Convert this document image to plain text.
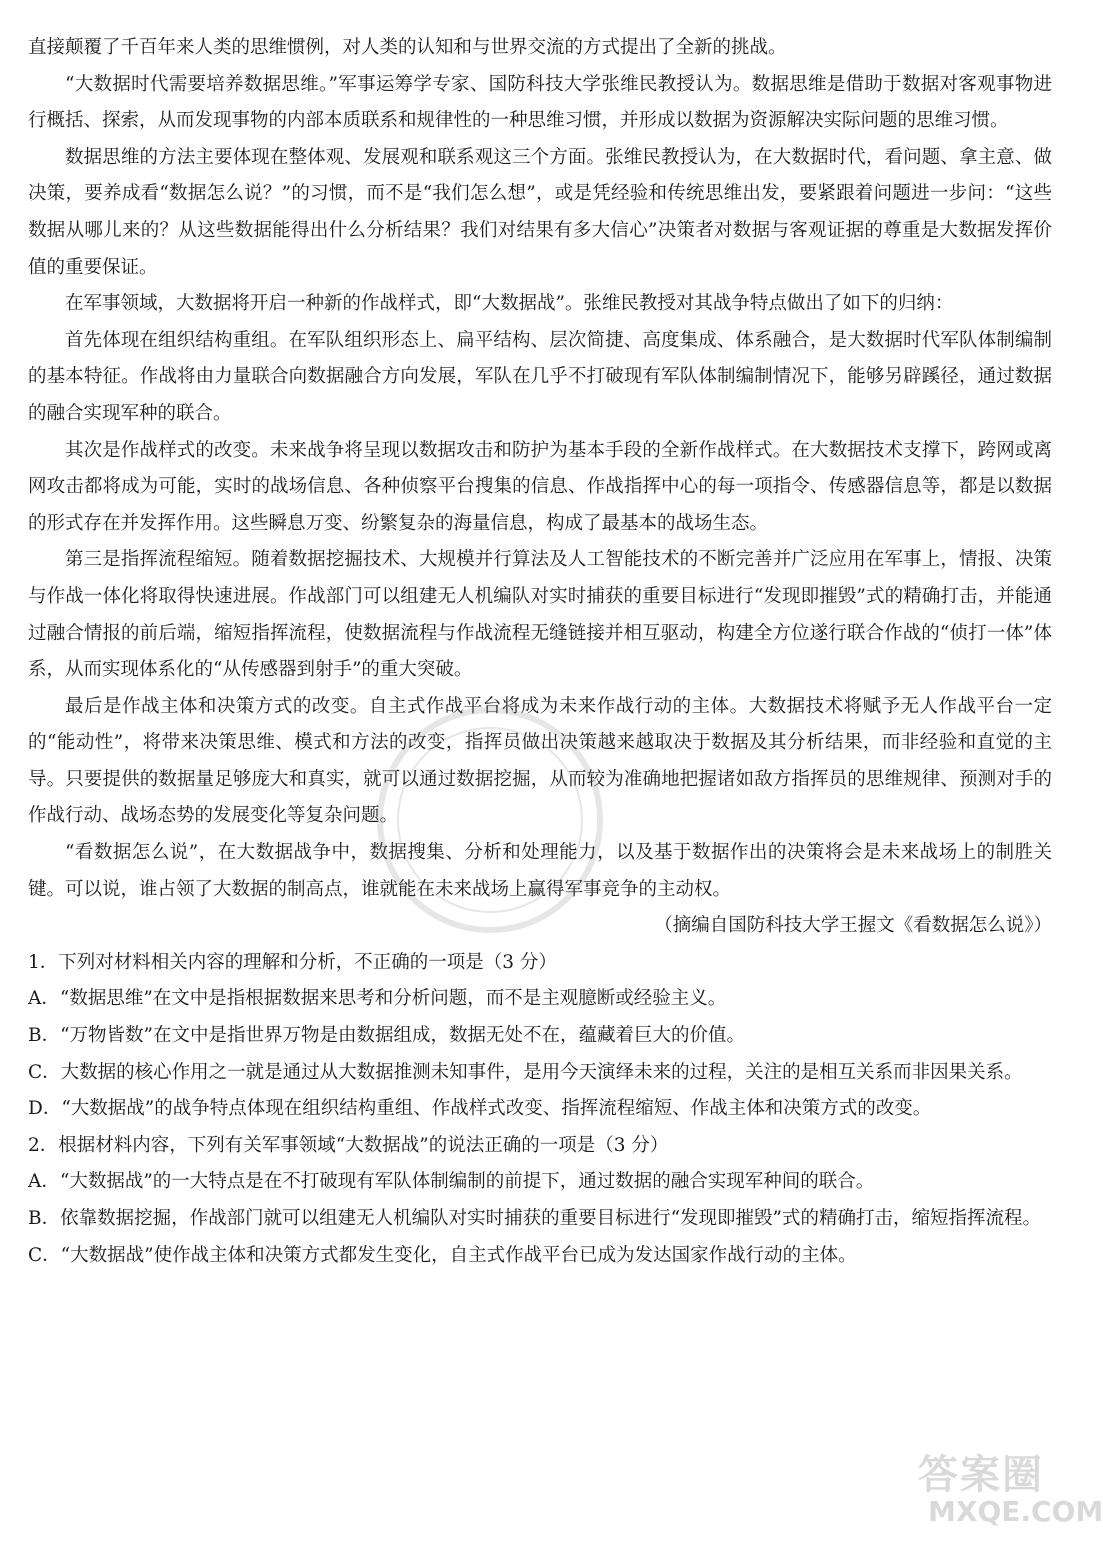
直接颠覆了千百年来人类的思维惯例，对人类的认知和与世界交流的方式提出了全新的挑战。

“大数据时代需要培养数据思维。”军事运筹学专家、国防科技大学张维民教授认为。数据思维是借助于数据对客观事物进行概括、探索，从而发现事物的内部本质联系和规律性的一种思维习惯，并形成以数据为资源解决实际问题的思维习惯。

数据思维的方法主要体现在整体观、发展观和联系观这三个方面。张维民教授认为，在大数据时代，看问题、拿主意、做决策，要养成看“数据怎么说？”的习惯，而不是“我们怎么想”，或是凭经验和传统思维出发，要紧跟着问题进一步问：“这些数据从哪儿来的？从这些数据能得出什么分析结果？我们对结果有多大信心”决策者对数据与客观证据的尊重是大数据发挥价值的重要保证。

在军事领域，大数据将开启一种新的作战样式，即“大数据战”。张维民教授对其战争特点做出了如下的归纳：

首先体现在组织结构重组。在军队组织形态上、扁平结构、层次简捷、高度集成、体系融合，是大数据时代军队体制编制的基本特征。作战将由力量联合向数据融合方向发展，军队在几乎不打破现有军队体制编制情况下，能够另辟蹊径，通过数据的融合实现军种的联合。

其次是作战样式的改变。未来战争将呈现以数据攻击和防护为基本手段的全新作战样式。在大数据技术支撑下，跨网或离网攻击都将成为可能，实时的战场信息、各种侦察平台搜集的信息、作战指挥中心的每一项指令、传感器信息等，都是以数据的形式存在并发挥作用。这些瞬息万变、纷繁复杂的海量信息，构成了最基本的战场生态。

第三是指挥流程缩短。随着数据挖掘技术、大规模并行算法及人工智能技术的不断完善并广泛应用在军事上，情报、决策与作战一体化将取得快速进展。作战部门可以组建无人机编队对实时捕获的重要目标进行“发现即摧毁”式的精确打击，并能通过融合情报的前后端，缩短指挥流程，使数据流程与作战流程无缝链接并相互驱动，构建全方位遂行联合作战的“侦打一体”体系，从而实现体系化的“从传感器到射手”的重大突破。

最后是作战主体和决策方式的改变。自主式作战平台将成为未来作战行动的主体。大数据技术将赋予无人作战平台一定的“能动性”，将带来决策思维、模式和方法的改变，指挥员做出决策越来越取决于数据及其分析结果，而非经验和直觉的主导。只要提供的数据量足够庞大和真实，就可以通过数据挖掘，从而较为准确地把握诸如敌方指挥员的思维规律、预测对手的作战行动、战场态势的发展变化等复杂问题。

“看数据怎么说”，在大数据战争中，数据搜集、分析和处理能力，以及基于数据作出的决策将会是未来战场上的制胜关键。可以说，谁占领了大数据的制高点，谁就能在未来战场上赢得军事竞争的主动权。

（摘编自国防科技大学王握文《看数据怎么说》）

1．下列对材料相关内容的理解和分析，不正确的一项是（3 分）

A．“数据思维”在文中是指根据数据来思考和分析问题，而不是主观臆断或经验主义。

B．“万物皆数”在文中是指世界万物是由数据组成，数据无处不在，蕴藏着巨大的价值。

C．大数据的核心作用之一就是通过从大数据推测未知事件，是用今天演绎未来的过程，关注的是相互关系而非因果关系。

D．“大数据战”的战争特点体现在组织结构重组、作战样式改变、指挥流程缩短、作战主体和决策方式的改变。

2．根据材料内容，下列有关军事领域“大数据战”的说法正确的一项是（3 分）

A．“大数据战”的一大特点是在不打破现有军队体制编制的前提下，通过数据的融合实现军种间的联合。

B．依靠数据挖掘，作战部门就可以组建无人机编队对实时捕获的重要目标进行“发现即摧毁”式的精确打击，缩短指挥流程。

C．“大数据战”使作战主体和决策方式都发生变化，自主式作战平台已成为发达国家作战行动的主体。

答案圈
MXQE.COM
